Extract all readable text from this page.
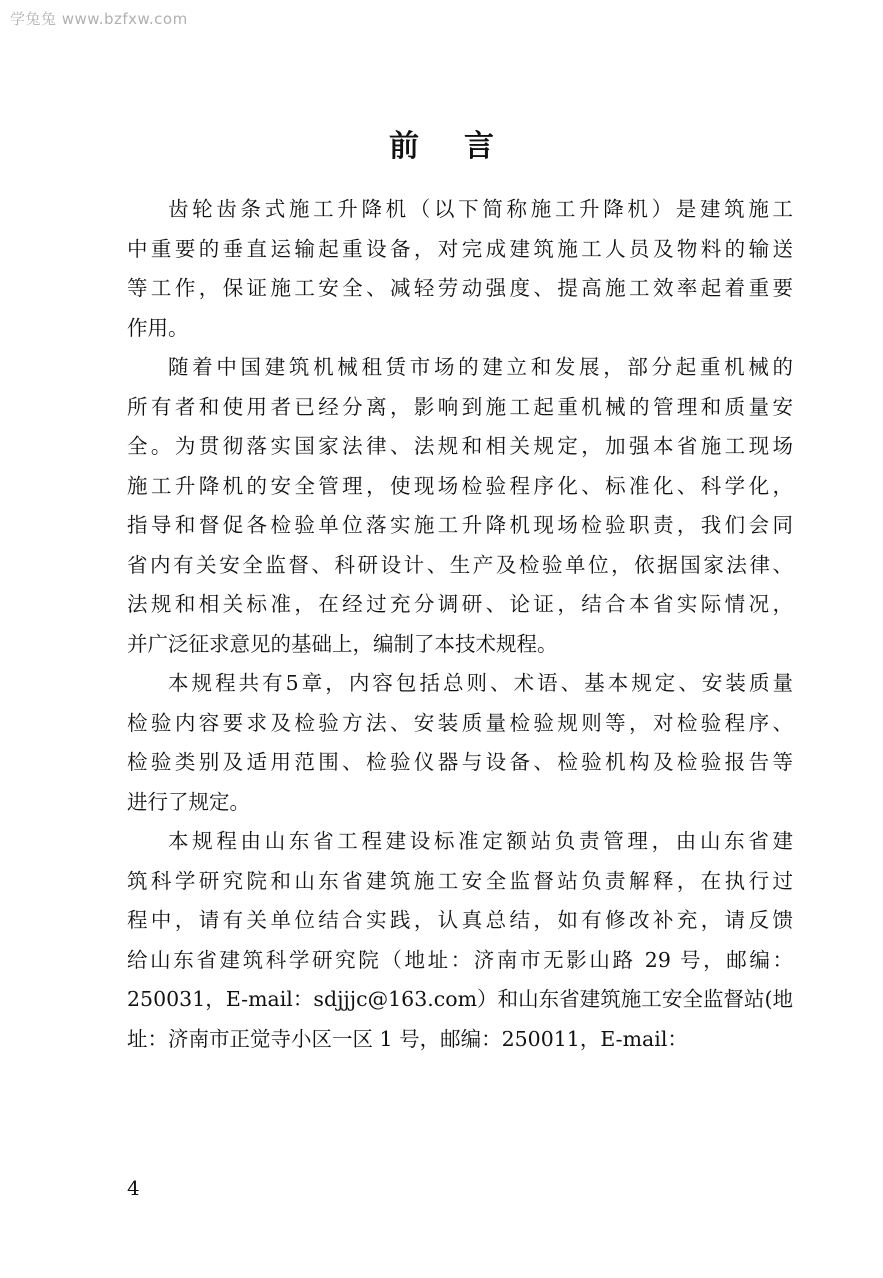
学兔兔 www.bzfxw.com
前言
齿轮齿条式施工升降机（以下简称施工升降机）是建筑施工
中重要的垂直运输起重设备，对完成建筑施工人员及物料的输送
等工作，保证施工安全、减轻劳动强度、提高施工效率起着重要
作用。
随着中国建筑机械租赁市场的建立和发展，部分起重机械的
所有者和使用者已经分离，影响到施工起重机械的管理和质量安
全。为贯彻落实国家法律、法规和相关规定，加强本省施工现场
施工升降机的安全管理，使现场检验程序化、标准化、科学化，
指导和督促各检验单位落实施工升降机现场检验职责，我们会同
省内有关安全监督、科研设计、生产及检验单位，依据国家法律、
法规和相关标准，在经过充分调研、论证，结合本省实际情况，
并广泛征求意见的基础上，编制了本技术规程。
本规程共有5章，内容包括总则、术语、基本规定、安装质量
检验内容要求及检验方法、安装质量检验规则等，对检验程序、
检验类别及适用范围、检验仪器与设备、检验机构及检验报告等
进行了规定。
本规程由山东省工程建设标准定额站负责管理，由山东省建
筑科学研究院和山东省建筑施工安全监督站负责解释，在执行过
程中，请有关单位结合实践，认真总结，如有修改补充，请反馈
给山东省建筑科学研究院（地址：济南市无影山路 29 号，邮编：
250031，E-mail：sdjjjc@163.com）和山东省建筑施工安全监督站(地
址：济南市正觉寺小区一区 1 号，邮编：250011，E-mail：
4
